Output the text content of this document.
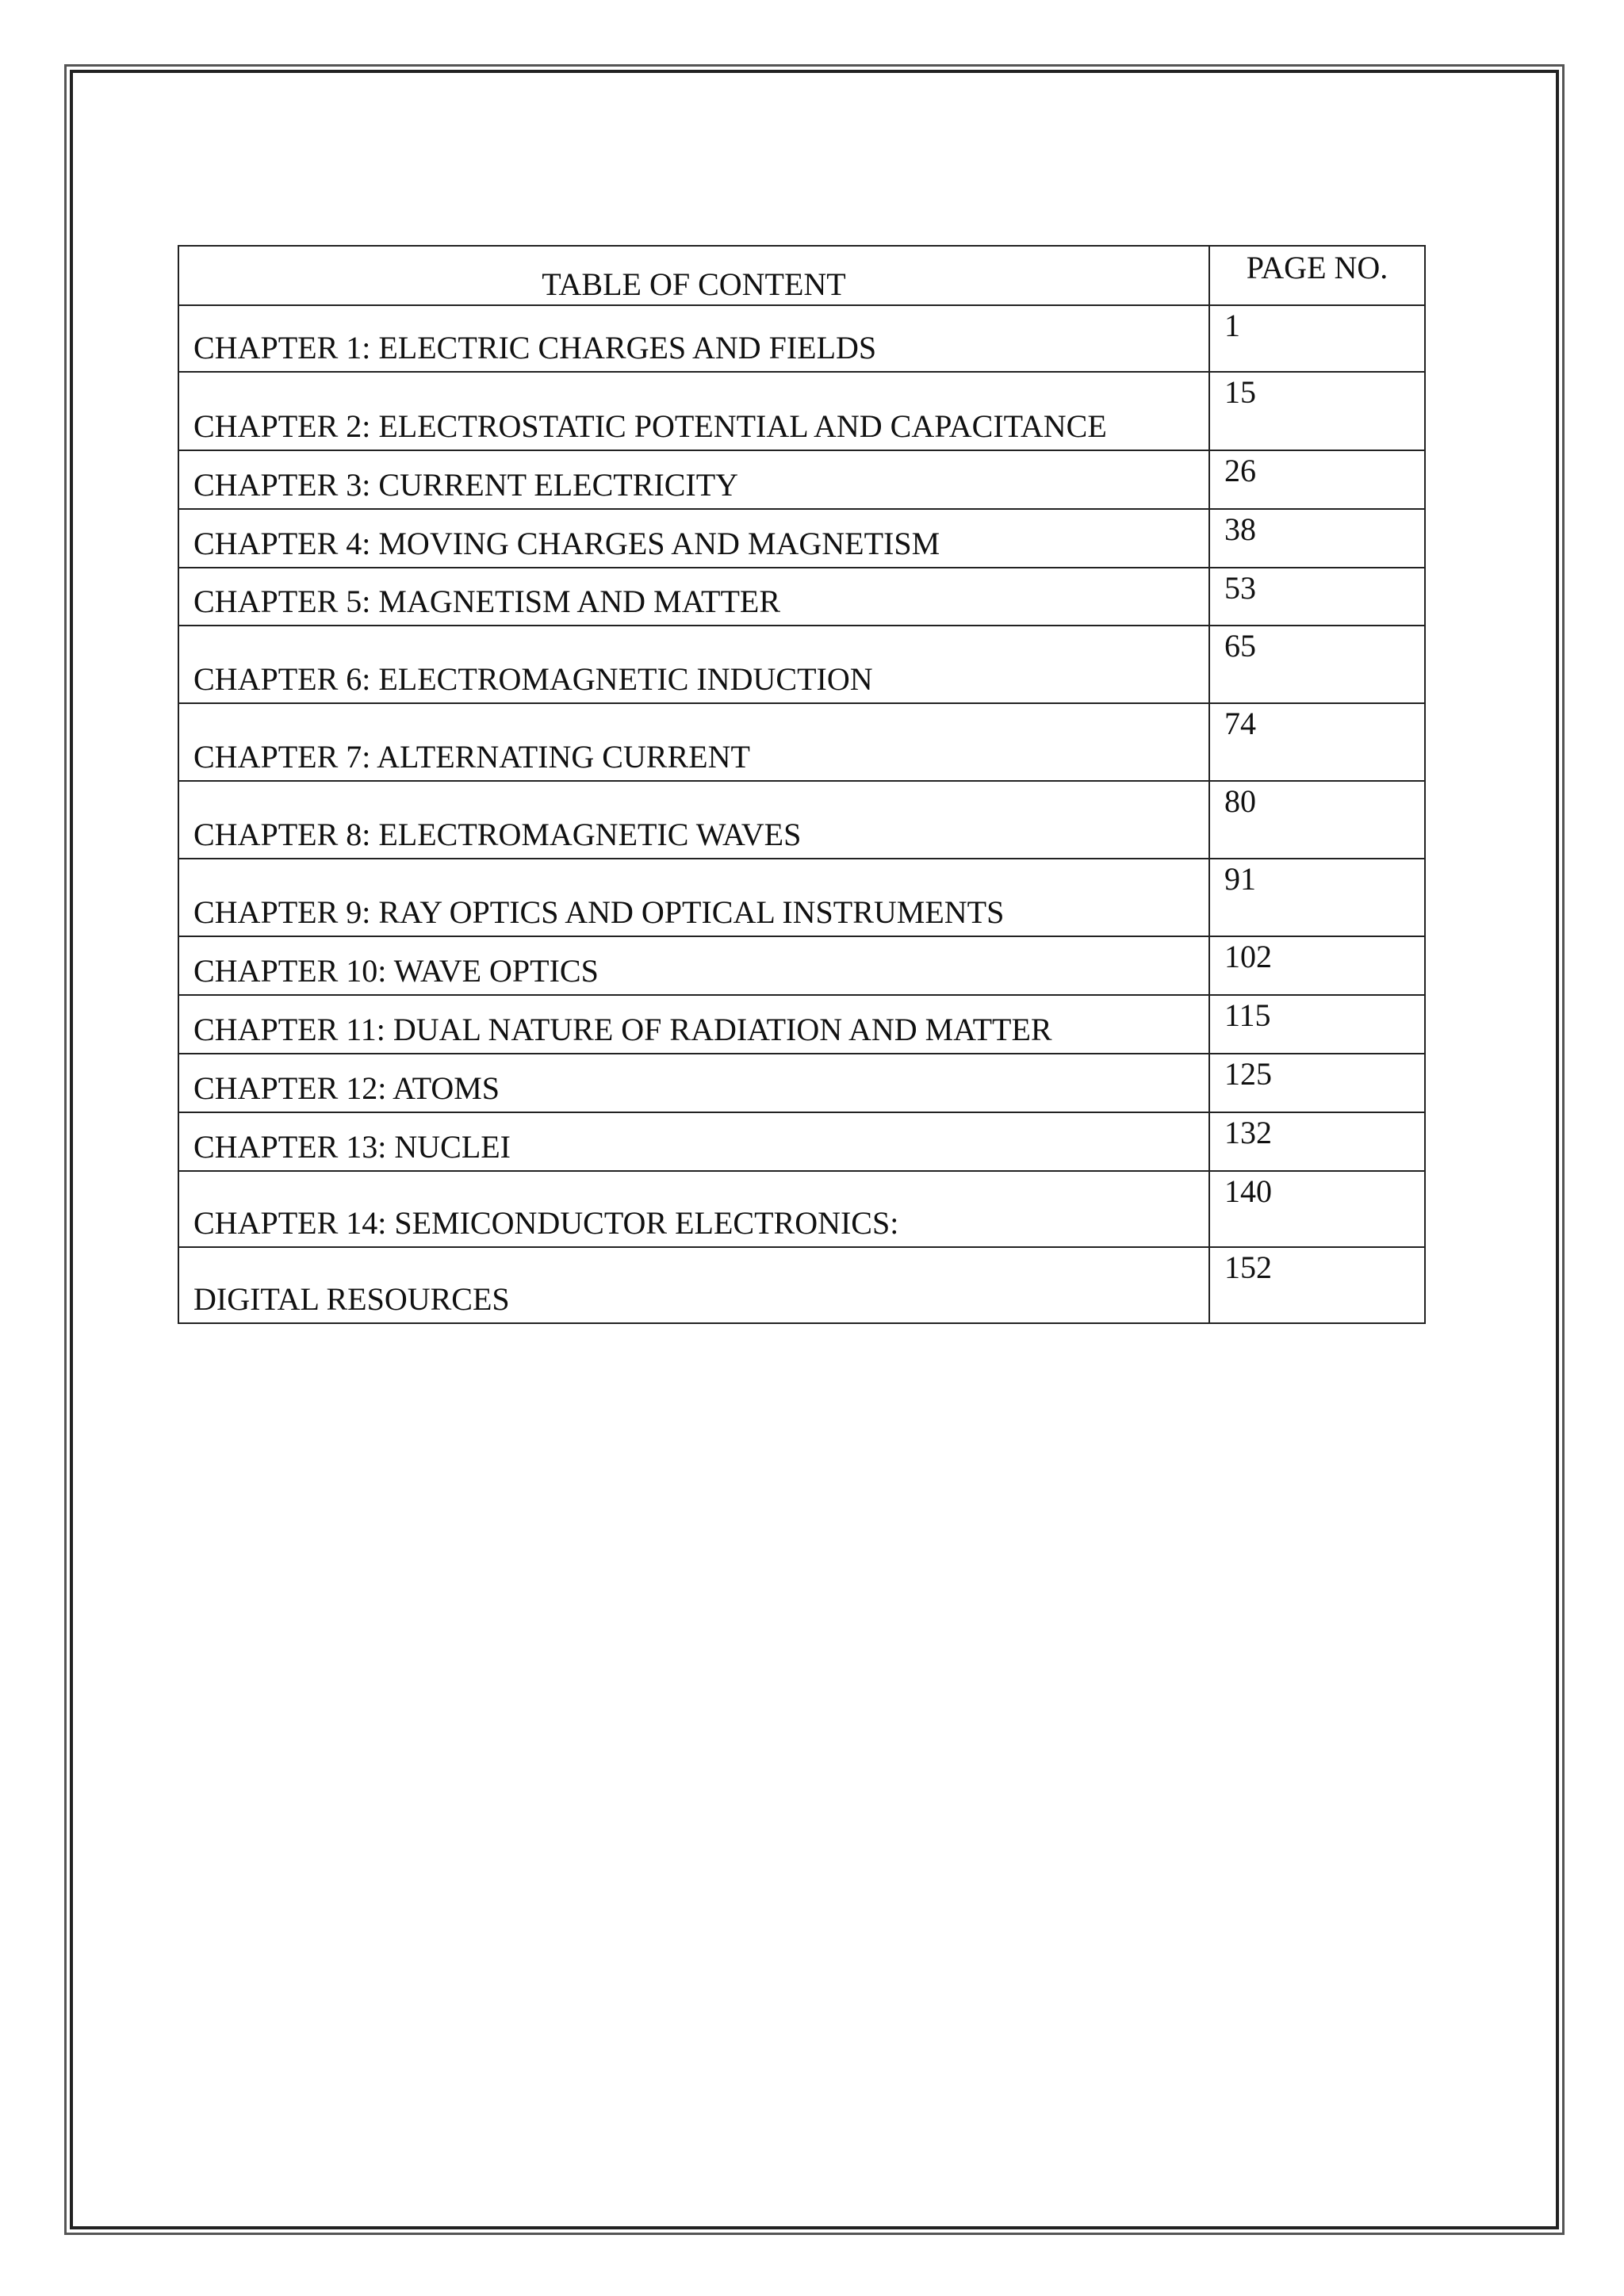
TABLE OF CONTENT	PAGE NO.
CHAPTER 1: ELECTRIC CHARGES AND FIELDS	1
CHAPTER 2: ELECTROSTATIC POTENTIAL AND CAPACITANCE	15
CHAPTER 3: CURRENT ELECTRICITY	26
CHAPTER 4: MOVING CHARGES AND MAGNETISM	38
CHAPTER 5: MAGNETISM AND MATTER	53
CHAPTER 6: ELECTROMAGNETIC INDUCTION	65
CHAPTER 7: ALTERNATING CURRENT	74
CHAPTER 8: ELECTROMAGNETIC WAVES	80
CHAPTER 9: RAY OPTICS AND OPTICAL INSTRUMENTS	91
CHAPTER 10: WAVE OPTICS	102
CHAPTER 11: DUAL NATURE OF RADIATION AND MATTER	115
CHAPTER 12: ATOMS	125
CHAPTER 13: NUCLEI	132
CHAPTER 14: SEMICONDUCTOR ELECTRONICS:	140
DIGITAL RESOURCES	152
